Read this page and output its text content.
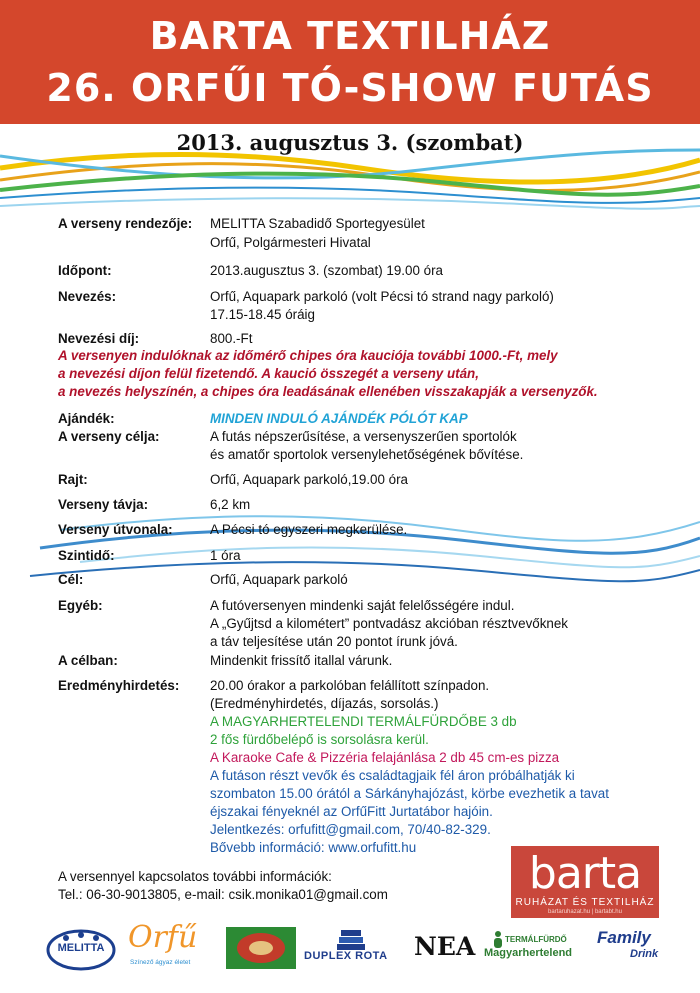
BARTA TEXTILHÁZ
26. ORFŰI TÓ-SHOW FUTÁS
2013. augusztus 3. (szombat)
A verseny rendezője: MELITTA Szabadidő Sportegyesület
Orfű, Polgármesteri Hivatal
Időpont:	2013.augusztus 3. (szombat) 19.00 óra
Nevezés:	Orfű, Aquapark parkoló (volt Pécsi tó strand nagy parkoló)
17.15-18.45 óráig
Nevezési díj:	800.-Ft
A versenyen indulóknak az időmérő chipes óra kauciója további 1000.-Ft, mely
a nevezési díjon felül fizetendő. A kaució összegét a verseny után,
a nevezés helyszínén, a chipes óra leadásának ellenében visszakapják a versenyzők.
Ajándék:	MINDEN INDULÓ AJÁNDÉK PÓLÓT KAP
A verseny célja:	A futás népszerűsítése, a versenyszerűen sportolók
és amatőr sportolok versenylehetőségének bővítése.
Rajt:	Orfű, Aquapark parkoló,19.00 óra
Verseny távja:	6,2 km
Verseny útvonala:	A Pécsi tó egyszeri megkerülése.
Szintidő:	1 óra
Cél:	Orfű, Aquapark parkoló
Egyéb:	A futóversenyen mindenki saját felelősségére indul.
A „Gyűjtsd a kilométert” pontvadász akcióban résztvevőknek
a táv teljesítése után 20 pontot írunk jóvá.
A célban:	Mindenkit frissítő itallal várunk.
Eredményhirdetés: 20.00 órakor a parkolóban felállított színpadon.
(Eredményhirdetés, díjazás, sorsolás.)
A MAGYARHERTELENDI TERMÁLFÜRDŐBE 3 db
2 fős fürdőbelépő is sorsolásra kerül.
A Karaoke Cafe & Pizzéria felajánlása 2 db 45 cm-es pizza
A futáson részt vevők és családtagjaik fél áron próbálhatják ki
szombaton 15.00 órától a Sárkányhajózást, körbe evezhetik a tavat
éjszakai fényeknél az OrfűFitt Jurtatábor hajóin.
Jelentkezés: orfufitt@gmail.com, 70/40-82-329.
Bővebb információ: www.orfufitt.hu
A versennyel kapcsolatos további információk:
Tel.: 06-30-9013805, e-mail: csik.monika01@gmail.com	barta
RUHÁZAT ÉS TEXTILHÁZ
bartaruhazat.hu | bartabt.hu
MELITTA Orfű
Színező ágyaz életet
DUPLEX ROTA NEA	TERMÁLFÜRDŐ
Magyarhertelend
Family
Drink
